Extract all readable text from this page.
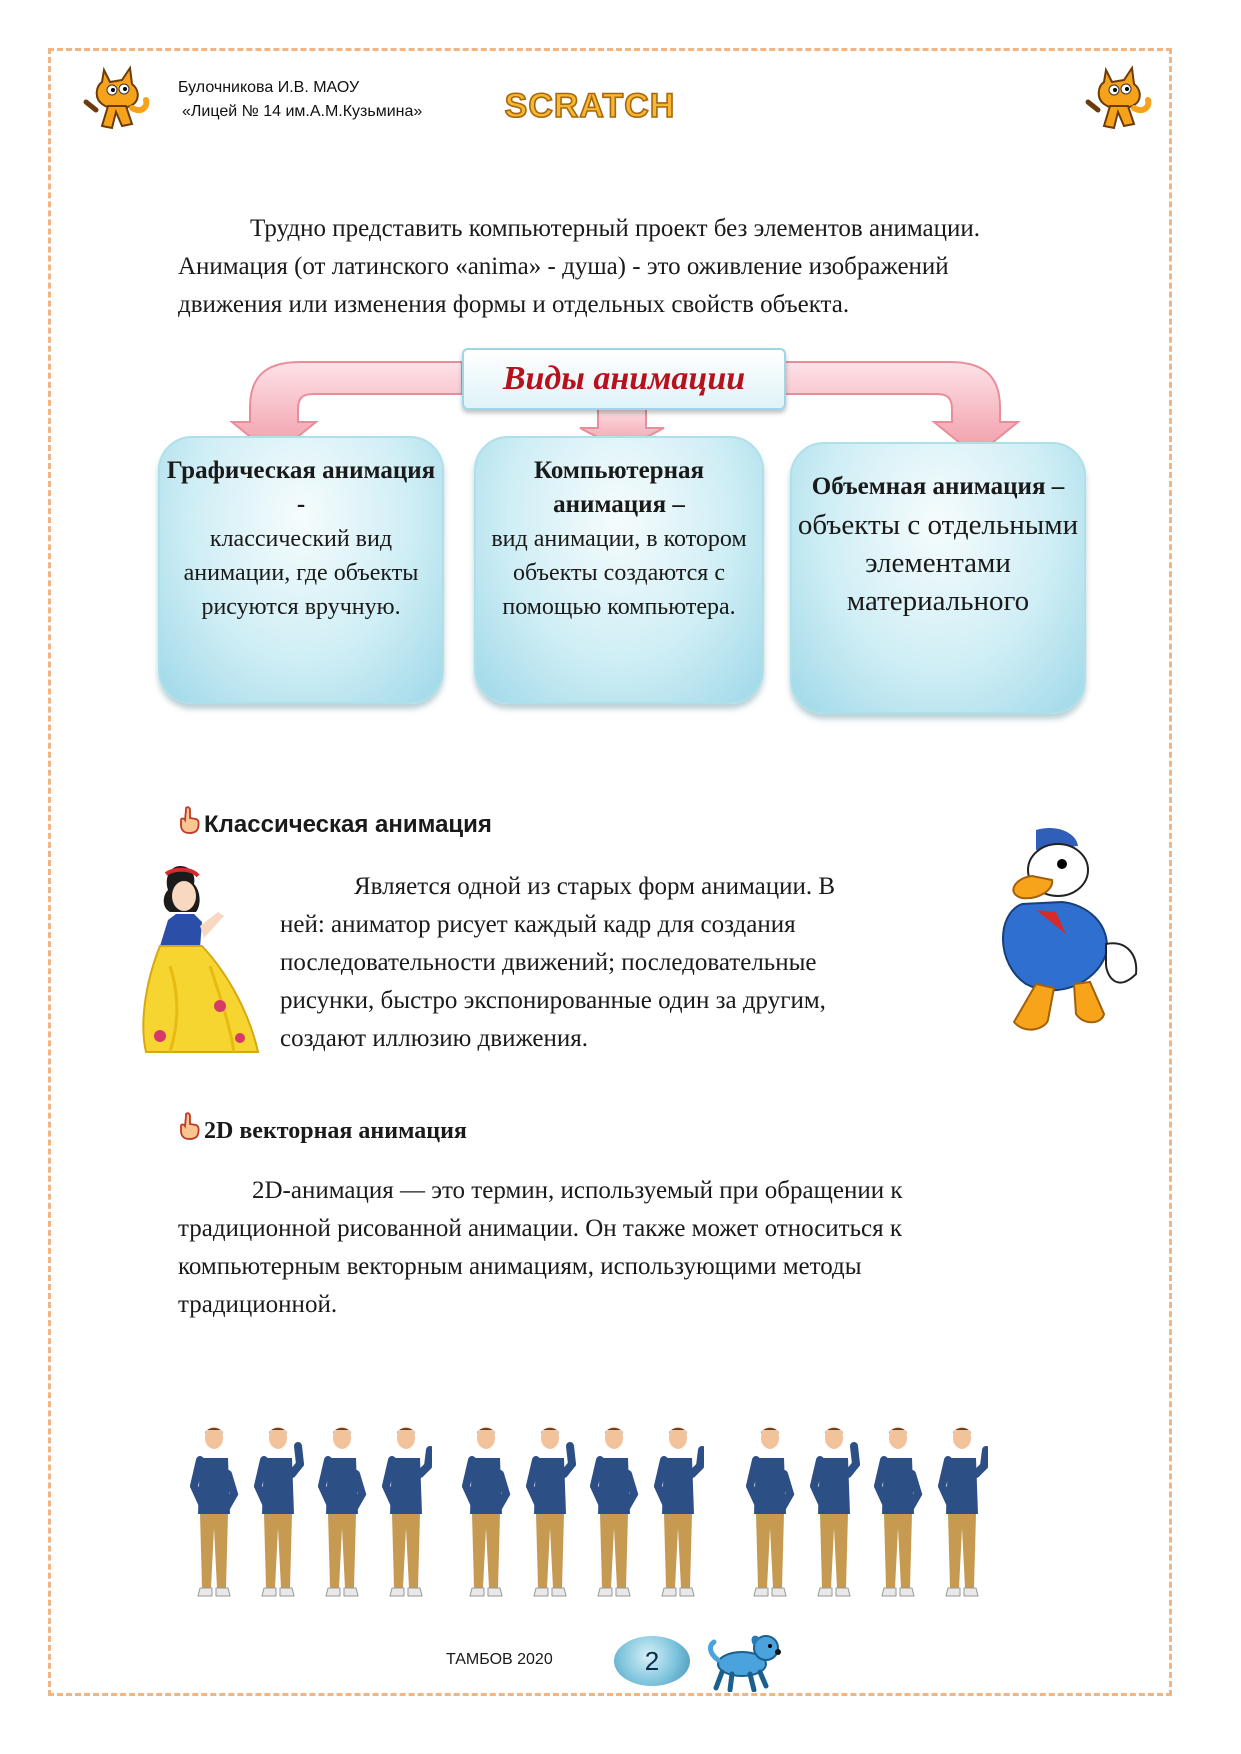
Булочникова И.В. МАОУ
«Лицей № 14 им.А.М.Кузьмина» SCRATCH
Трудно представить компьютерный проект без элементов анимации.
Анимация (от латинского «anima» - душа) - это оживление изображений
движения или изменения формы и отдельных свойств объекта.
Виды анимации
Графическая анимация -
классический вид анимации, где объекты рисуются вручную.
Компьютерная анимация –
вид анимации, в котором объекты создаются с помощью компьютера.
Объемная анимация –
объекты с отдельными элементами материального
Классическая анимация
Является одной из старых форм анимации. В
ней: аниматор рисует каждый кадр для создания
последовательности движений; последовательные
рисунки, быстро экспонированные один за другим,
создают иллюзию движения.
2D векторная анимация
2D-анимация — это термин, используемый при обращении к
традиционной рисованной анимации. Он также может относиться к
компьютерным векторным анимациям, использующими методы
традиционной.
ТАМБОВ 2020	2
